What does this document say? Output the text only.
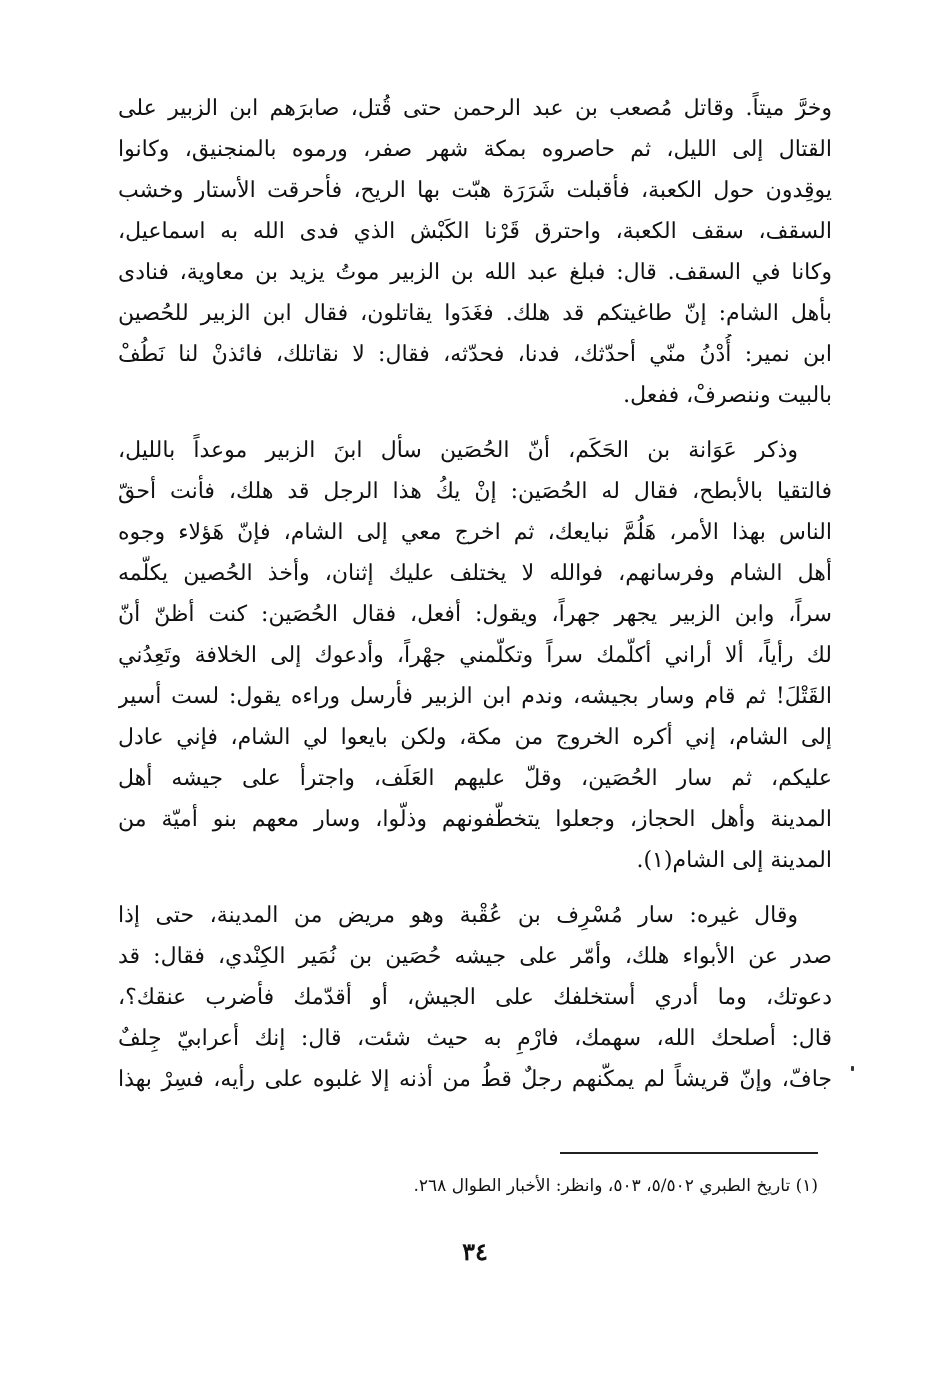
وخرَّ ميتاً. وقاتل مُصعب بن عبد الرحمن حتى قُتل، صابرَهم ابن الزبير على
القتال إلى الليل، ثم حاصروه بمكة شهر صفر، ورموه بالمنجنيق، وكانوا
يوقِدون حول الكعبة، فأقبلت شَرَرَة هبّت بها الريح، فأحرقت الأستار وخشب
السقف، سقف الكعبة، واحترق قَرْنا الكَبْش الذي فدى الله به اسماعيل،
وكانا في السقف. قال: فبلغ عبد الله بن الزبير موتُ يزيد بن معاوية، فنادى
بأهل الشام: إنّ طاغيتكم قد هلك. فغَدَوا يقاتلون، فقال ابن الزبير للحُصين
ابن نمير: أُدْنُ منّي أحدّثك، فدنا، فحدّثه، فقال: لا نقاتلك، فائذنْ لنا نَطُفْ
بالبيت وننصرفْ، ففعل.
وذكر عَوَانة بن الحَكَم، أنّ الحُصَين سأل ابنَ الزبير موعداً بالليل،
فالتقيا بالأبطح، فقال له الحُصَين: إنْ يكُ هذا الرجل قد هلك، فأنت أحقّ
الناس بهذا الأمر، هَلُمَّ نبايعك، ثم اخرج معي إلى الشام، فإنّ هَؤلاء وجوه
أهل الشام وفرسانهم، فوالله لا يختلف عليك إثنان، وأخذ الحُصين يكلّمه
سراً، وابن الزبير يجهر جهراً، ويقول: أفعل، فقال الحُصَين: كنت أظنّ أنّ
لك رأياً، ألا أراني أكلّمك سراً وتكلّمني جهْراً، وأدعوك إلى الخلافة وتَعِدُني
القَتْلَ! ثم قام وسار بجيشه، وندم ابن الزبير فأرسل وراءه يقول: لست أسير
إلى الشام، إني أكره الخروج من مكة، ولكن بايعوا لي الشام، فإني عادل
عليكم، ثم سار الحُصَين، وقلّ عليهم العَلَف، واجترأ على جيشه أهل
المدينة وأهل الحجاز، وجعلوا يتخطّفونهم وذلّوا، وسار معهم بنو أميّة من
المدينة إلى الشام(١).
وقال غيره: سار مُسْرِف بن عُقْبة وهو مريض من المدينة، حتى إذا
صدر عن الأبواء هلك، وأمّر على جيشه حُصَين بن نُمَير الكِنْدي، فقال: قد
دعوتك، وما أدري أستخلفك على الجيش، أو أقدّمك فأضرب عنقك؟،
قال: أصلحك الله، سهمك، فارْمِ به حيث شئت، قال: إنك أعرابيّ جِلفٌ
جافّ، وإنّ قريشاً لم يمكّنهم رجلٌ قطُ من أذنه إلا غلبوه على رأيه، فسِرْ بهذا
(١) تاريخ الطبري ٥/٥٠٢، ٥٠٣، وانظر: الأخبار الطوال ٢٦٨.
٣٤
